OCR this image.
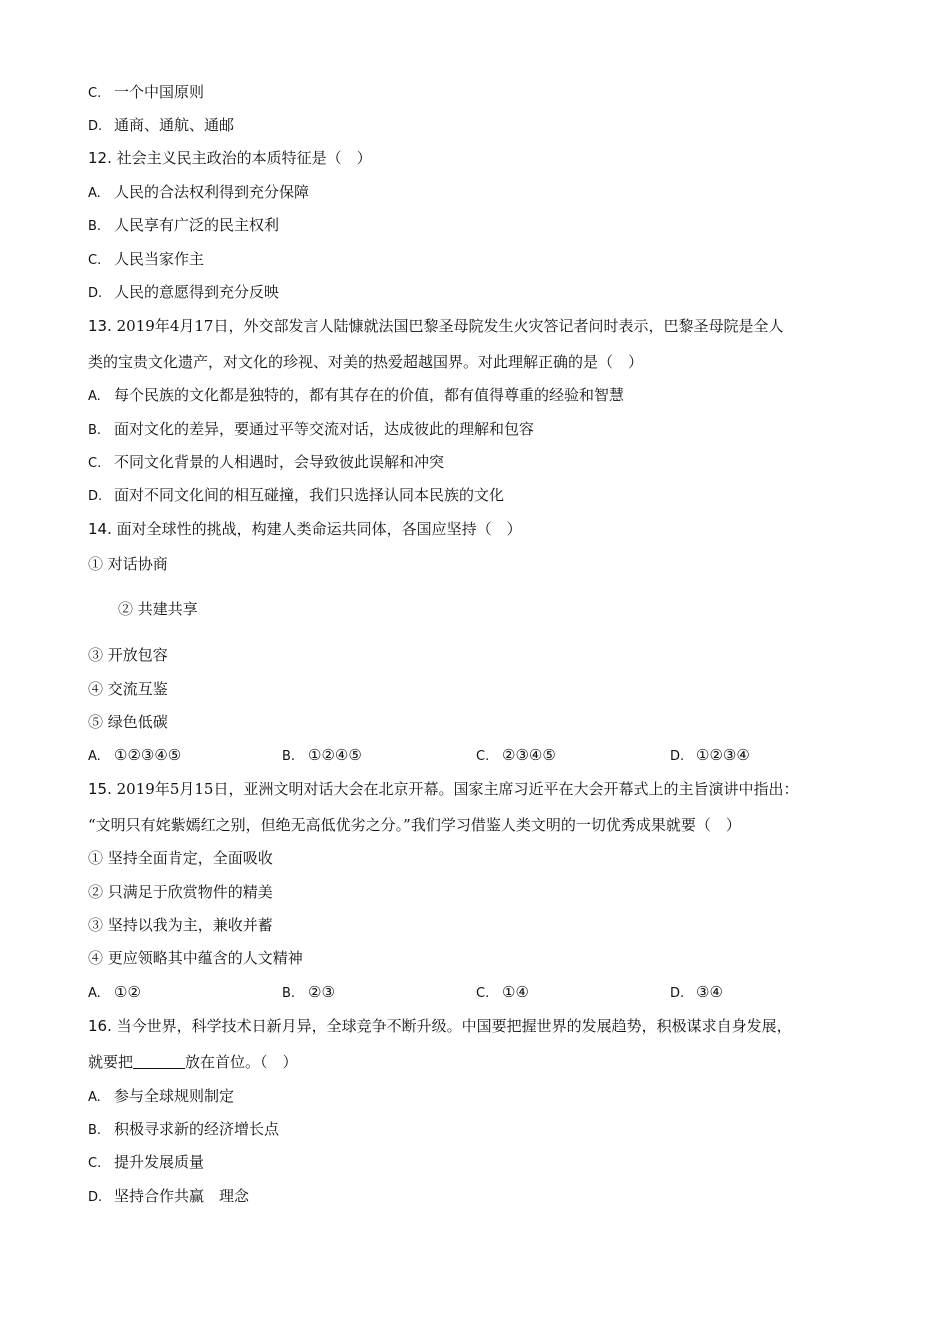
C. 一个中国原则
D. 通商、通航、通邮
12. 社会主义民主政治的本质特征是（　）
A. 人民的合法权利得到充分保障
B. 人民享有广泛的民主权利
C. 人民当家作主
D. 人民的意愿得到充分反映
13. 2019年4月17日，外交部发言人陆慷就法国巴黎圣母院发生火灾答记者问时表示，巴黎圣母院是全人
类的宝贵文化遗产，对文化的珍视、对美的热爱超越国界。对此理解正确的是（　）
A. 每个民族的文化都是独特的，都有其存在的价值，都有值得尊重的经验和智慧
B. 面对文化的差异，要通过平等交流对话，达成彼此的理解和包容
C. 不同文化背景的人相遇时，会导致彼此误解和冲突
D. 面对不同文化间的相互碰撞，我们只选择认同本民族的文化
14. 面对全球性的挑战，构建人类命运共同体，各国应坚持（　）
① 对话协商
② 共建共享
③ 开放包容
④ 交流互鉴
⑤ 绿色低碳
A. ①②③④⑤	B. ①②④⑤	C. ②③④⑤	D. ①②③④
15. 2019年5月15日，亚洲文明对话大会在北京开幕。国家主席习近平在大会开幕式上的主旨演讲中指出：
“文明只有姹紫嫣红之别，但绝无高低优劣之分。”我们学习借鉴人类文明的一切优秀成果就要（　）
① 坚持全面肯定，全面吸收
② 只满足于欣赏物件的精美
③ 坚持以我为主，兼收并蓄
④ 更应领略其中蕴含的人文精神
A. ①②	B. ②③	C. ①④	D. ③④
16. 当今世界，科学技术日新月异，全球竞争不断升级。中国要把握世界的发展趋势，积极谋求自身发展，
就要把	放在首位。（　）
A. 参与全球规则制定
B. 积极寻求新的经济增长点
C. 提升发展质量
D. 坚持合作共赢　理念
